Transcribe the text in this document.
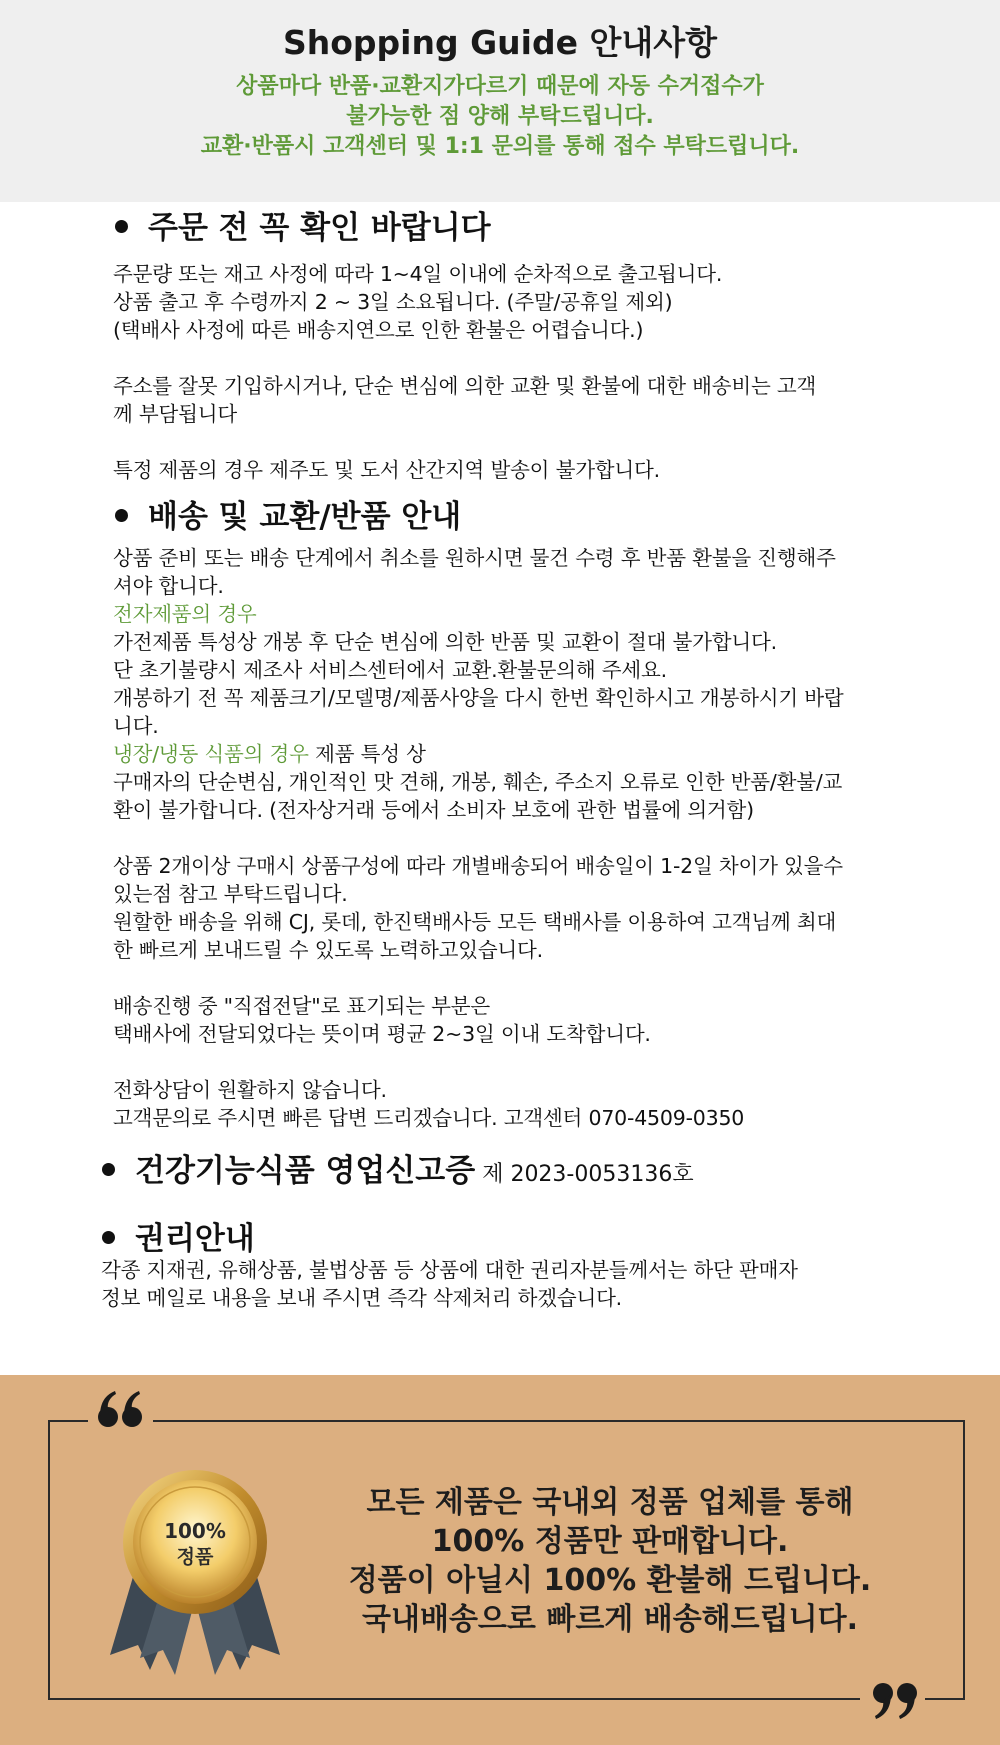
Shopping Guide 안내사항
상품마다 반품·교환지가다르기 때문에 자동 수거접수가
불가능한 점 양해 부탁드립니다.
교환·반품시 고객센터 및 1:1 문의를 통해 접수 부탁드립니다.
주문 전 꼭 확인 바랍니다
주문량 또는 재고 사정에 따라 1~4일 이내에 순차적으로 출고됩니다.
상품 출고 후 수령까지 2 ~ 3일 소요됩니다. (주말/공휴일 제외)
(택배사 사정에 따른 배송지연으로 인한 환불은 어렵습니다.)
주소를 잘못 기입하시거나, 단순 변심에 의한 교환 및 환불에 대한 배송비는 고객
께 부담됩니다
특정 제품의 경우 제주도 및 도서 산간지역 발송이 불가합니다.
배송 및 교환/반품 안내
상품 준비 또는 배송 단계에서 취소를 원하시면 물건 수령 후 반품 환불을 진행해주
셔야 합니다.
전자제품의 경우
가전제품 특성상 개봉 후 단순 변심에 의한 반품 및 교환이 절대 불가합니다.
단 초기불량시 제조사 서비스센터에서 교환.환불문의해 주세요.
개봉하기 전 꼭 제품크기/모델명/제품사양을 다시 한번 확인하시고 개봉하시기 바랍
니다.
냉장/냉동 식품의 경우 제품 특성 상
구매자의 단순변심, 개인적인 맛 견해, 개봉, 훼손, 주소지 오류로 인한 반품/환불/교
환이 불가합니다. (전자상거래 등에서 소비자 보호에 관한 법률에 의거함)
상품 2개이상 구매시 상품구성에 따라 개별배송되어 배송일이 1-2일 차이가 있을수
있는점 참고 부탁드립니다.
원할한 배송을 위해 CJ, 롯데, 한진택배사등 모든 택배사를 이용하여 고객님께 최대
한 빠르게 보내드릴 수 있도록 노력하고있습니다.
배송진행 중 "직접전달"로 표기되는 부분은
택배사에 전달되었다는 뜻이며 평균 2~3일 이내 도착합니다.
전화상담이 원활하지 않습니다.
고객문의로 주시면 빠른 답변 드리겠습니다. 고객센터 070-4509-0350
건강기능식품 영업신고증 제 2023-0053136호
권리안내
각종 지재권, 유해상품, 불법상품 등 상품에 대한 권리자분들께서는 하단 판매자
정보 메일로 내용을 보내 주시면 즉각 삭제처리 하겠습니다.
100%
정품
모든 제품은 국내외 정품 업체를 통해
100% 정품만 판매합니다.
정품이 아닐시 100% 환불해 드립니다.
국내배송으로 빠르게 배송해드립니다.
